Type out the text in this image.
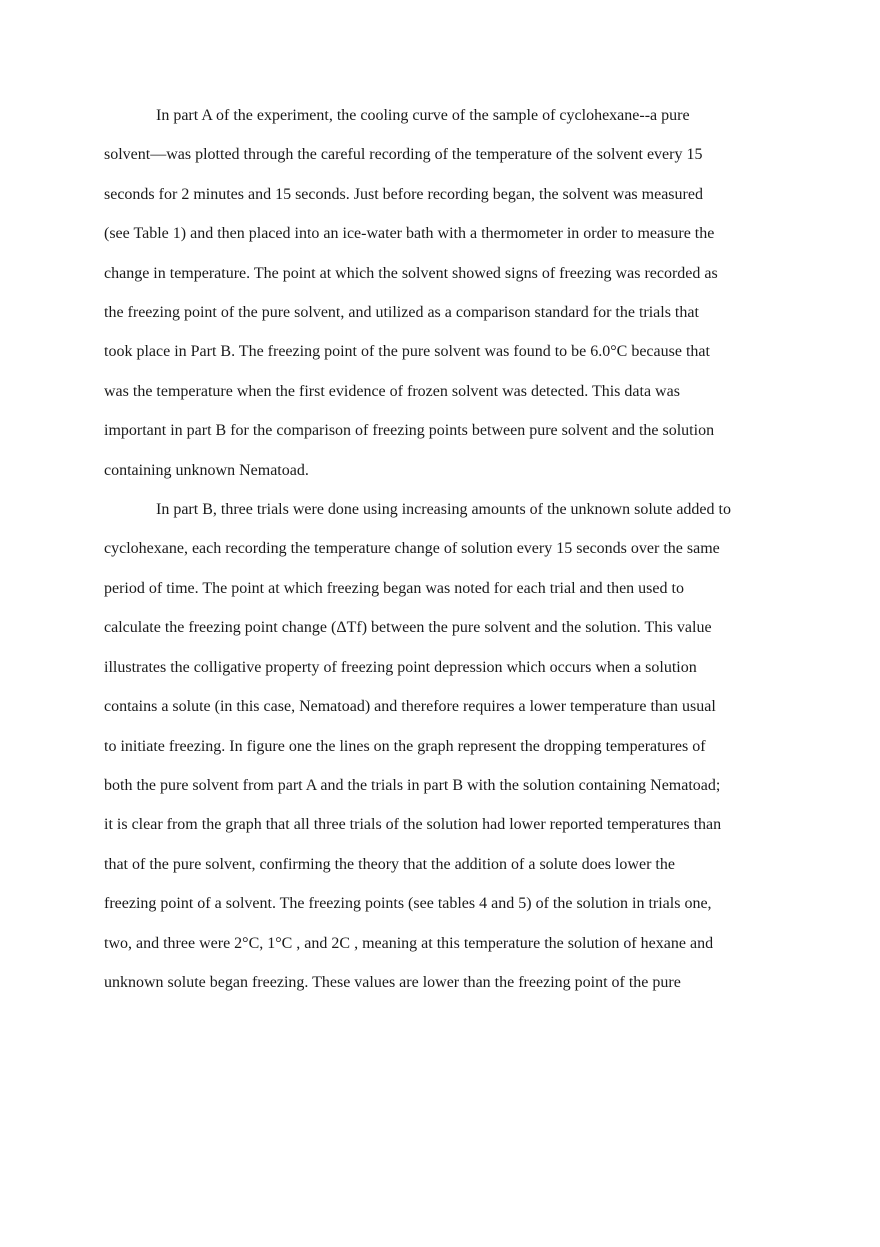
In part A of the experiment, the cooling curve of the sample of cyclohexane--a pure
solvent—was plotted through the careful recording of the temperature of the solvent every 15
seconds for 2 minutes and 15 seconds. Just before recording began, the solvent was measured
(see Table 1) and then placed into an ice-water bath with a thermometer in order to measure the
change in temperature. The point at which the solvent showed signs of freezing was recorded as
the freezing point of the pure solvent, and utilized as a comparison standard for the trials that
took place in Part B. The freezing point of the pure solvent was found to be 6.0°C because that
was the temperature when the first evidence of frozen solvent was detected. This data was
important in part B for the comparison of freezing points between pure solvent and the solution
containing unknown Nematoad.
In part B, three trials were done using increasing amounts of the unknown solute added to
cyclohexane, each recording the temperature change of solution every 15 seconds over the same
period of time. The point at which freezing began was noted for each trial and then used to
calculate the freezing point change (ΔTf) between the pure solvent and the solution. This value
illustrates the colligative property of freezing point depression which occurs when a solution
contains a solute (in this case, Nematoad) and therefore requires a lower temperature than usual
to initiate freezing. In figure one the lines on the graph represent the dropping temperatures of
both the pure solvent from part A and the trials in part B with the solution containing Nematoad;
it is clear from the graph that all three trials of the solution had lower reported temperatures than
that of the pure solvent, confirming the theory that the addition of a solute does lower the
freezing point of a solvent. The freezing points (see tables 4 and 5) of the solution in trials one,
two, and three were 2°C, 1°C , and 2C , meaning at this temperature the solution of hexane and
unknown solute began freezing. These values are lower than the freezing point of the pure
